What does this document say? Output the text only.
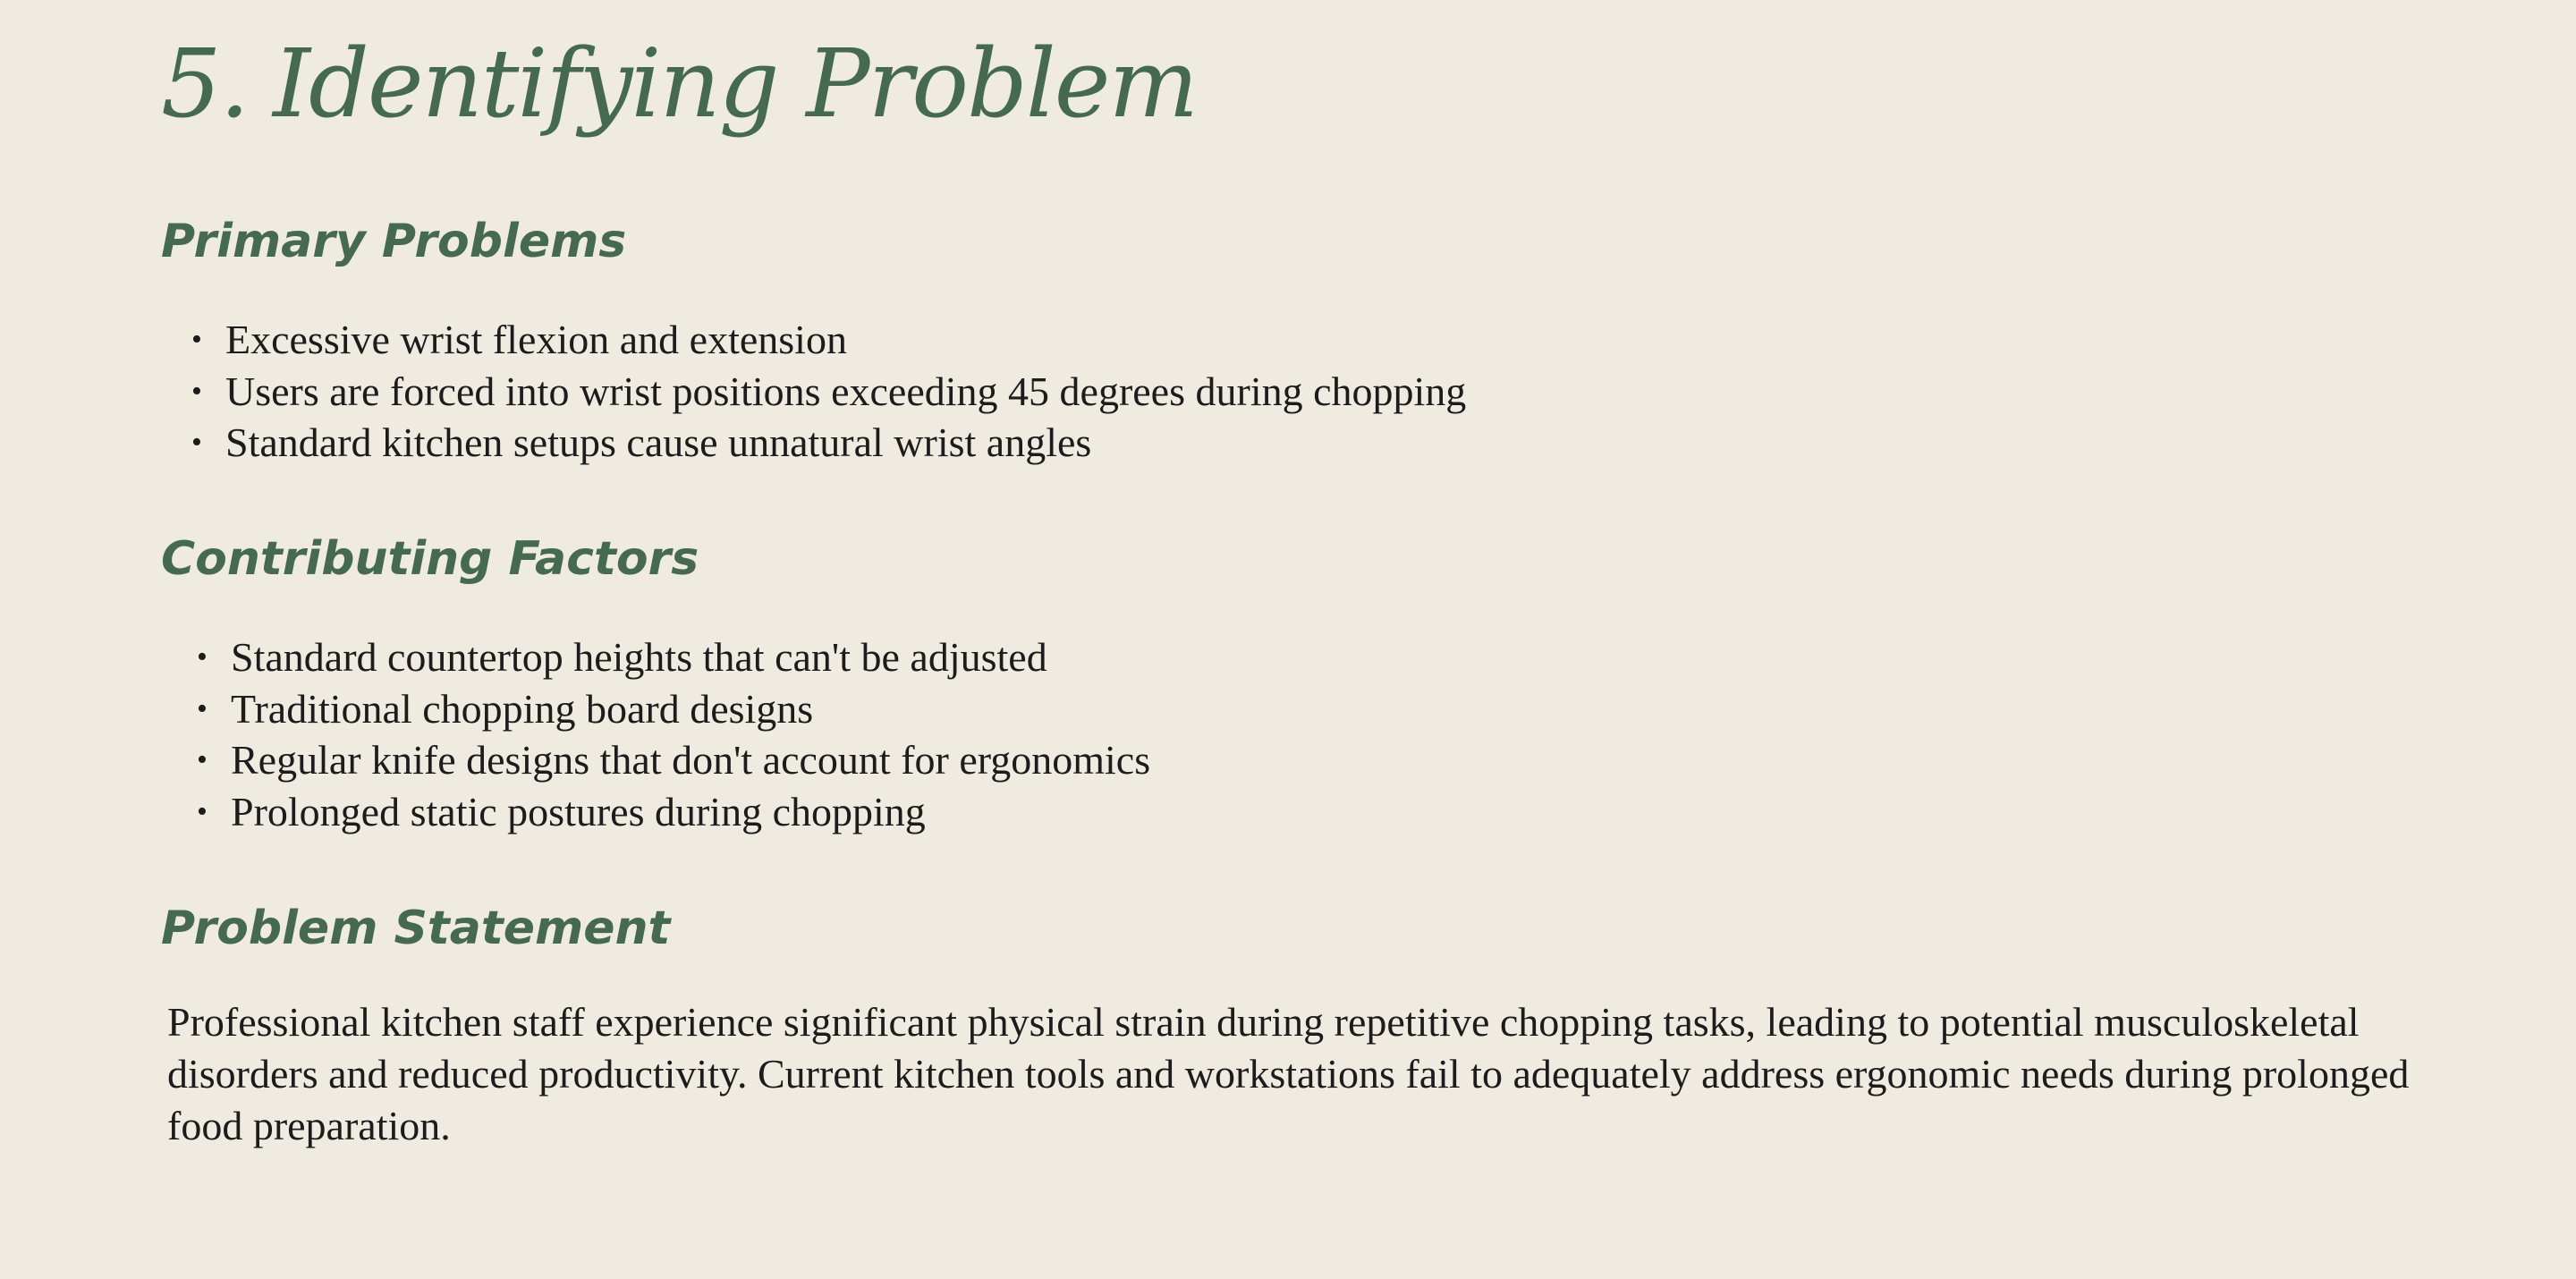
5. Identifying Problem
Primary Problems
• Excessive wrist flexion and extension
• Users are forced into wrist positions exceeding 45 degrees during chopping
• Standard kitchen setups cause unnatural wrist angles
Contributing Factors
• Standard countertop heights that can't be adjusted
• Traditional chopping board designs
• Regular knife designs that don't account for ergonomics
• Prolonged static postures during chopping
Problem Statement

Professional kitchen staff experience significant physical strain during repetitive chopping tasks, leading to potential musculoskeletal disorders and reduced productivity. Current kitchen tools and workstations fail to adequately address ergonomic needs during prolonged food preparation.
